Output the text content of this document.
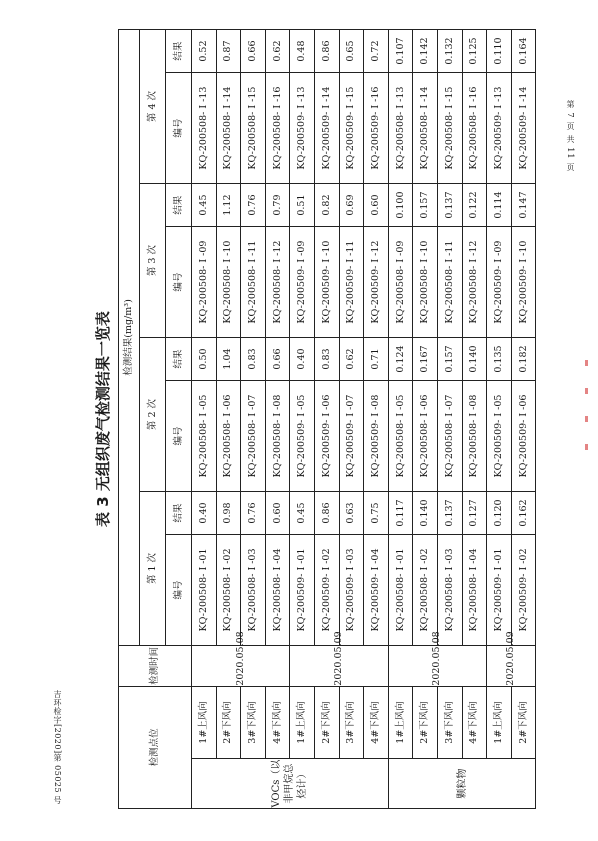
第 7 页 共 11 页
吉环检字[2020]第 05025 号
表 3 无组织废气检测结果一览表
检测点位		检测时间	检测结果(mg/m³)							
			第 1 次		第 2 次		第 3 次		第 4 次	
			编号	结果	编号	结果	编号	结果	编号	结果
VOCs（以非甲烷总烃计）	1#上风向	2020.05.08	KQ-200508- I -01	0.40	KQ-200508- I -05	0.50	KQ-200508- I -09	0.45	KQ-200508- I -13	0.52
	2#下风向		KQ-200508- I -02	0.98	KQ-200508- I -06	1.04	KQ-200508- I -10	1.12	KQ-200508- I -14	0.87
	3#下风向		KQ-200508- I -03	0.76	KQ-200508- I -07	0.83	KQ-200508- I -11	0.76	KQ-200508- I -15	0.66
	4#下风向		KQ-200508- I -04	0.60	KQ-200508- I -08	0.66	KQ-200508- I -12	0.79	KQ-200508- I -16	0.62
	1#上风向	2020.05.09	KQ-200509- I -01	0.45	KQ-200509- I -05	0.40	KQ-200509- I -09	0.51	KQ-200509- I -13	0.48
	2#下风向		KQ-200509- I -02	0.86	KQ-200509- I -06	0.83	KQ-200509- I -10	0.82	KQ-200509- I -14	0.86
	3#下风向		KQ-200509- I -03	0.63	KQ-200509- I -07	0.62	KQ-200509- I -11	0.69	KQ-200509- I -15	0.65
	4#下风向		KQ-200509- I -04	0.75	KQ-200509- I -08	0.71	KQ-200509- I -12	0.60	KQ-200509- I -16	0.72
颗粒物	1#上风向	2020.05.08	KQ-200508- I -01	0.117	KQ-200508- I -05	0.124	KQ-200508- I -09	0.100	KQ-200508- I -13	0.107
	2#下风向		KQ-200508- I -02	0.140	KQ-200508- I -06	0.167	KQ-200508- I -10	0.157	KQ-200508- I -14	0.142
	3#下风向		KQ-200508- I -03	0.137	KQ-200508- I -07	0.157	KQ-200508- I -11	0.137	KQ-200508- I -15	0.132
	4#下风向		KQ-200508- I -04	0.127	KQ-200508- I -08	0.140	KQ-200508- I -12	0.122	KQ-200508- I -16	0.125
	1#上风向	2020.05.09	KQ-200509- I -01	0.120	KQ-200509- I -05	0.135	KQ-200509- I -09	0.114	KQ-200509- I -13	0.110
	2#下风向		KQ-200509- I -02	0.162	KQ-200509- I -06	0.182	KQ-200509- I -10	0.147	KQ-200509- I -14	0.164
